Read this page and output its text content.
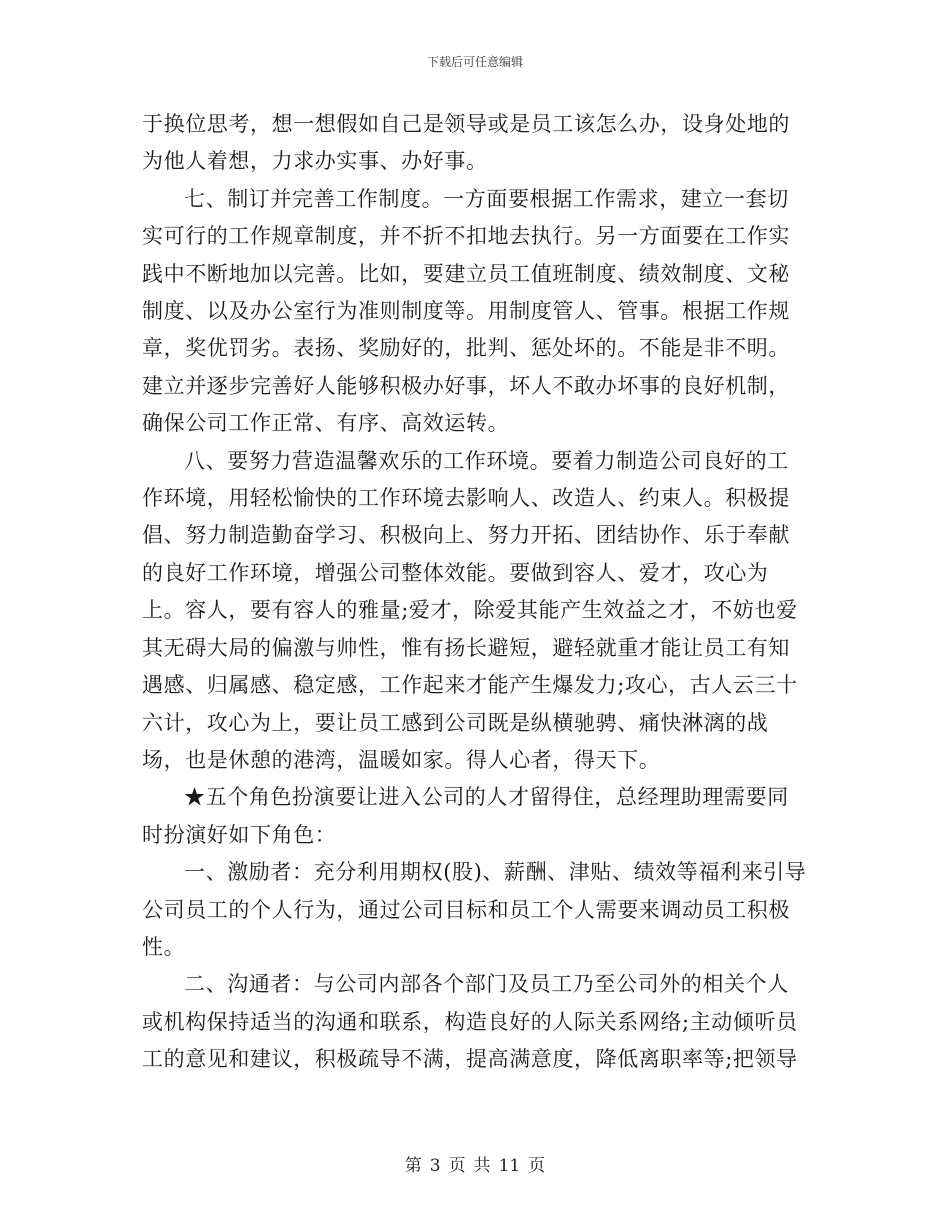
下载后可任意编辑

于换位思考，想一想假如自己是领导或是员工该怎么办，设身处地的为他人着想，力求办实事、办好事。

七、制订并完善工作制度。一方面要根据工作需求，建立一套切实可行的工作规章制度，并不折不扣地去执行。另一方面要在工作实践中不断地加以完善。比如，要建立员工值班制度、绩效制度、文秘制度、以及办公室行为准则制度等。用制度管人、管事。根据工作规章，奖优罚劣。表扬、奖励好的，批判、惩处坏的。不能是非不明。建立并逐步完善好人能够积极办好事，坏人不敢办坏事的良好机制，确保公司工作正常、有序、高效运转。

八、要努力营造温馨欢乐的工作环境。要着力制造公司良好的工作环境，用轻松愉快的工作环境去影响人、改造人、约束人。积极提倡、努力制造勤奋学习、积极向上、努力开拓、团结协作、乐于奉献的良好工作环境，增强公司整体效能。要做到容人、爱才，攻心为上。容人，要有容人的雅量;爱才，除爱其能产生效益之才，不妨也爱其无碍大局的偏激与帅性，惟有扬长避短，避轻就重才能让员工有知遇感、归属感、稳定感，工作起来才能产生爆发力;攻心，古人云三十六计，攻心为上，要让员工感到公司既是纵横驰骋、痛快淋漓的战场，也是休憩的港湾，温暖如家。得人心者，得天下。

★五个角色扮演要让进入公司的人才留得住，总经理助理需要同时扮演好如下角色：

一、激励者：充分利用期权(股)、薪酬、津贴、绩效等福利来引导公司员工的个人行为，通过公司目标和员工个人需要来调动员工积极性。

二、沟通者：与公司内部各个部门及员工乃至公司外的相关个人或机构保持适当的沟通和联系，构造良好的人际关系网络;主动倾听员工的意见和建议，积极疏导不满，提高满意度，降低离职率等;把领导

第 3 页 共 11 页
